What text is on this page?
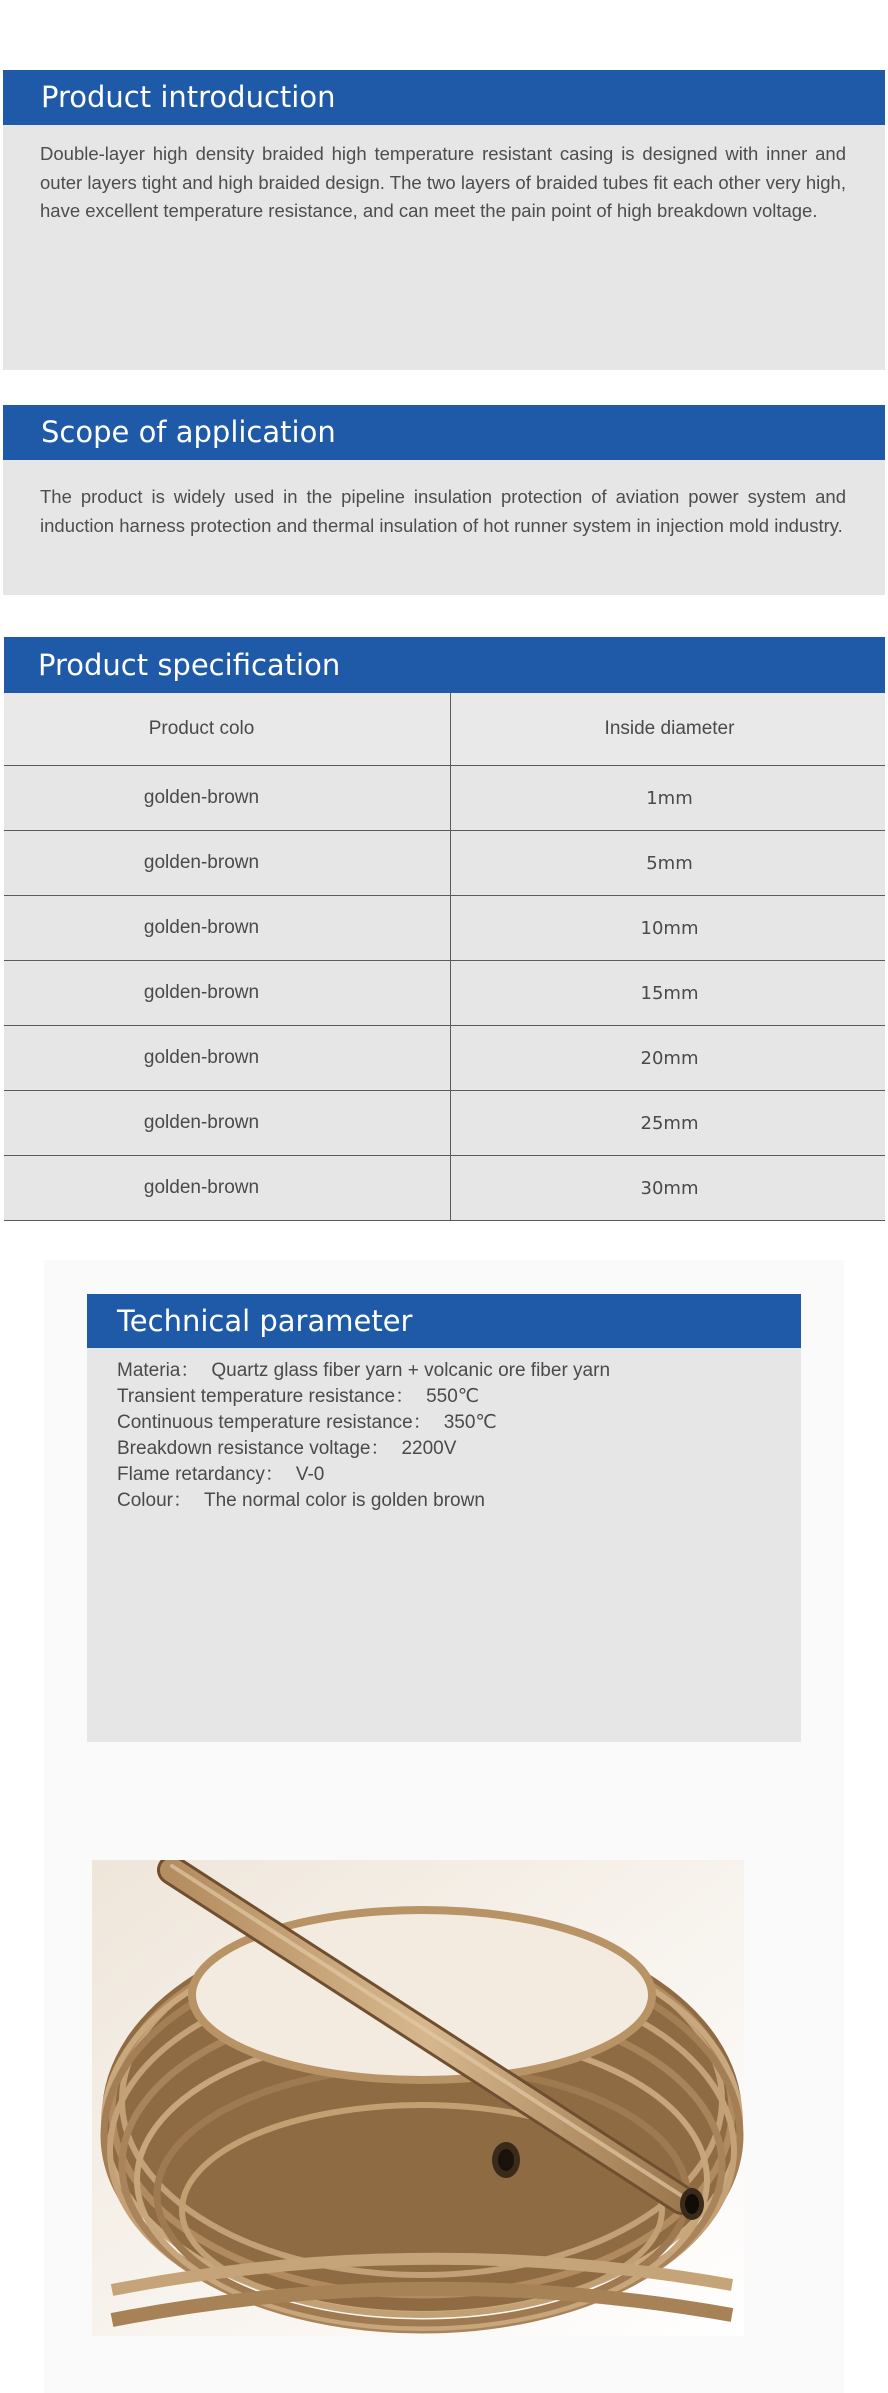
Product introduction
Double-layer high density braided high temperature resistant casing is designed with inner and outer layers tight and high braided design. The two layers of braided tubes fit each other very high, have excellent temperature resistance, and can meet the pain point of high breakdown voltage.
Scope of application
The product is widely used in the pipeline insulation protection of aviation power system and induction harness protection and thermal insulation of hot runner system in injection mold industry.
Product specification
Product colo	Inside diameter
golden-brown	1mm
golden-brown	5mm
golden-brown	10mm
golden-brown	15mm
golden-brown	20mm
golden-brown	25mm
golden-brown	30mm
Technical parameter
Materia： Quartz glass fiber yarn + volcanic ore fiber yarn
Transient temperature resistance： 550℃
Continuous temperature resistance： 350℃
Breakdown resistance voltage： 2200V
Flame retardancy： V-0
Colour： The normal color is golden brown
